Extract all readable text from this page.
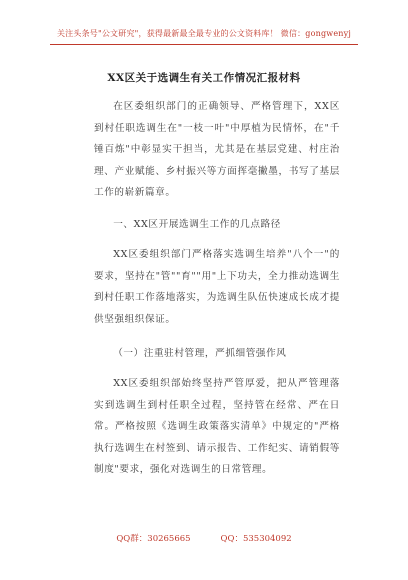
关注头条号"公文研究"，获得最新最全最专业的公文资料库！ 微信：gongwenyj
XX区关于选调生有关工作情况汇报材料

在区委组织部门的正确领导、严格管理下，XX区到村任职选调生在"一枝一叶"中厚植为民情怀，在"千锤百炼"中彰显实干担当，尤其是在基层党建、村庄治理、产业赋能、乡村振兴等方面挥毫撇墨，书写了基层工作的崭新篇章。

一、XX区开展选调生工作的几点路径

XX区委组织部门严格落实选调生培养"八个一"的要求，坚持在"管""育""用"上下功夫，全力推动选调生到村任职工作落地落实，为选调生队伍快速成长成才提供坚强组织保证。

（一）注重驻村管理，严抓细管强作风

XX区委组织部始终坚持严管厚爱，把从严管理落实到选调生到村任职全过程，坚持管在经常、严在日常。严格按照《选调生政策落实清单》中规定的"严格执行选调生在村签到、请示报告、工作纪实、请销假等制度"要求，强化对选调生的日常管理。

QQ群：30265665	QQ：535304092
